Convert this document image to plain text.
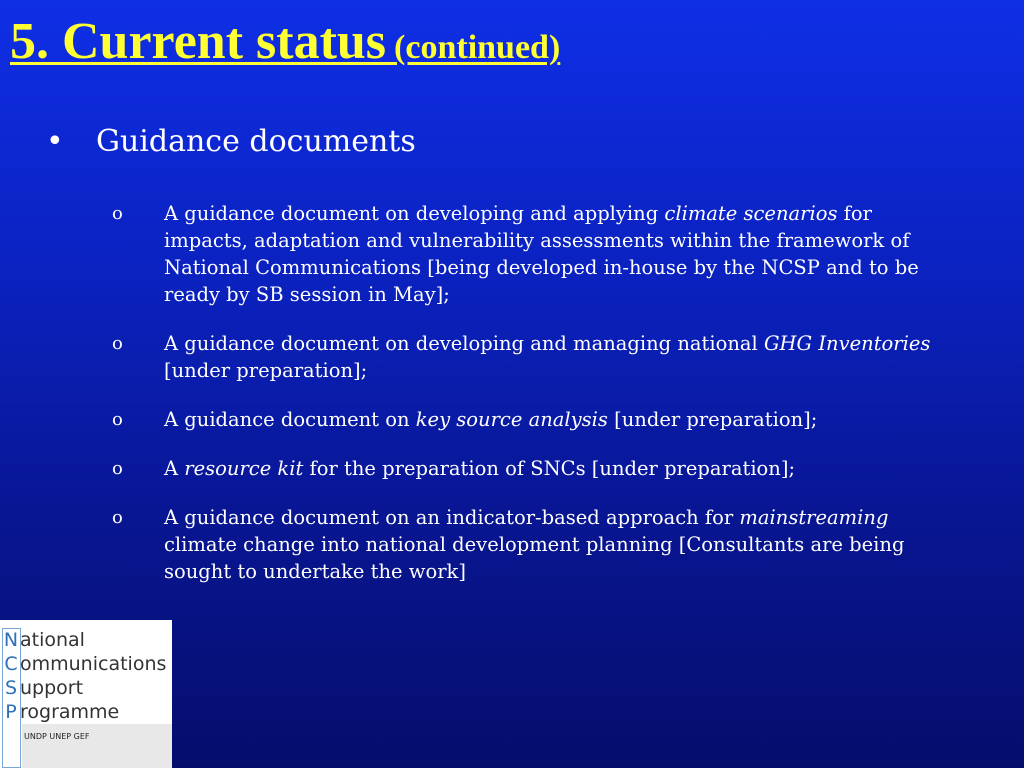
5. Current status (continued)
•	Guidance documents
o	A guidance document on developing and applying climate scenarios for impacts, adaptation and vulnerability assessments within the framework of National Communications [being developed in-house by the NCSP and to be ready by SB session in May];
o	A guidance document on developing and managing national GHG Inventories [under preparation];
o	A guidance document on key source analysis [under preparation];
o	A resource kit for the preparation of SNCs [under preparation];
o	A guidance document on an indicator-based approach for mainstreaming climate change into national development planning [Consultants are being sought to undertake the work]
National
C ommunications
S upport
P rogramme
UNDP UNEP GEF
